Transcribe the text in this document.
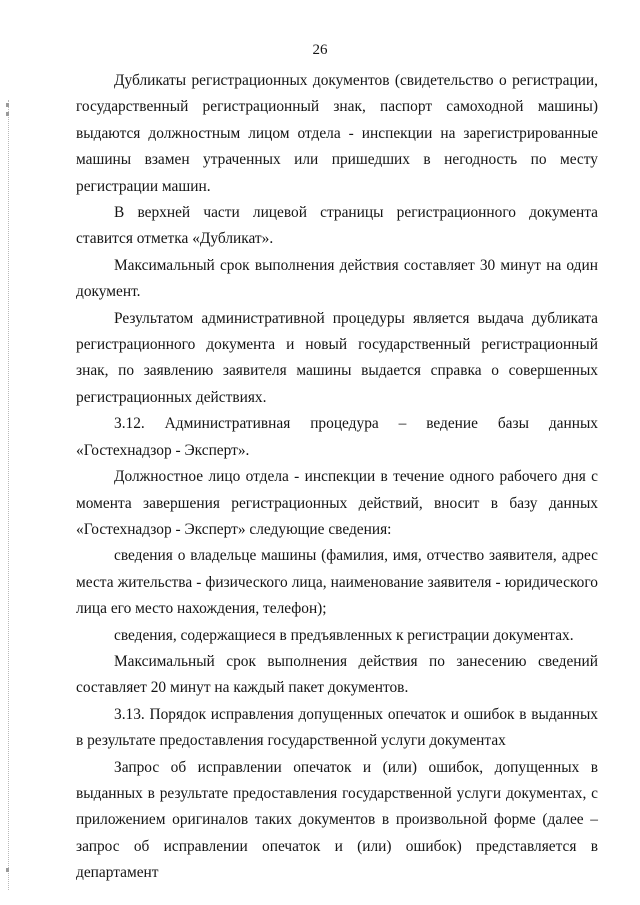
26

Дубликаты регистрационных документов (свидетельство о регистрации, государственный регистрационный знак, паспорт самоходной машины) выдаются должностным лицом отдела - инспекции на зарегистрированные машины взамен утраченных или пришедших в негодность по месту регистрации машин.

В верхней части лицевой страницы регистрационного документа ставится отметка «Дубликат».

Максимальный срок выполнения действия составляет 30 минут на один документ.

Результатом административной процедуры является выдача дубликата регистрационного документа и новый государственный регистрационный знак, по заявлению заявителя машины выдается справка о совершенных регистрационных действиях.

3.12. Административная процедура – ведение базы данных «Гостехнадзор - Эксперт».

Должностное лицо отдела - инспекции в течение одного рабочего дня с момента завершения регистрационных действий, вносит в базу данных «Гостехнадзор - Эксперт» следующие сведения:

сведения о владельце машины (фамилия, имя, отчество заявителя, адрес места жительства - физического лица, наименование заявителя - юридического лица его место нахождения, телефон);

сведения, содержащиеся в предъявленных к регистрации документах.

Максимальный срок выполнения действия по занесению сведений составляет 20 минут на каждый пакет документов.

3.13. Порядок исправления допущенных опечаток и ошибок в выданных в результате предоставления государственной услуги документах

Запрос об исправлении опечаток и (или) ошибок, допущенных в выданных в результате предоставления государственной услуги документах, с приложением оригиналов таких документов в произвольной форме (далее – запрос об исправлении опечаток и (или) ошибок) представляется в департамент
